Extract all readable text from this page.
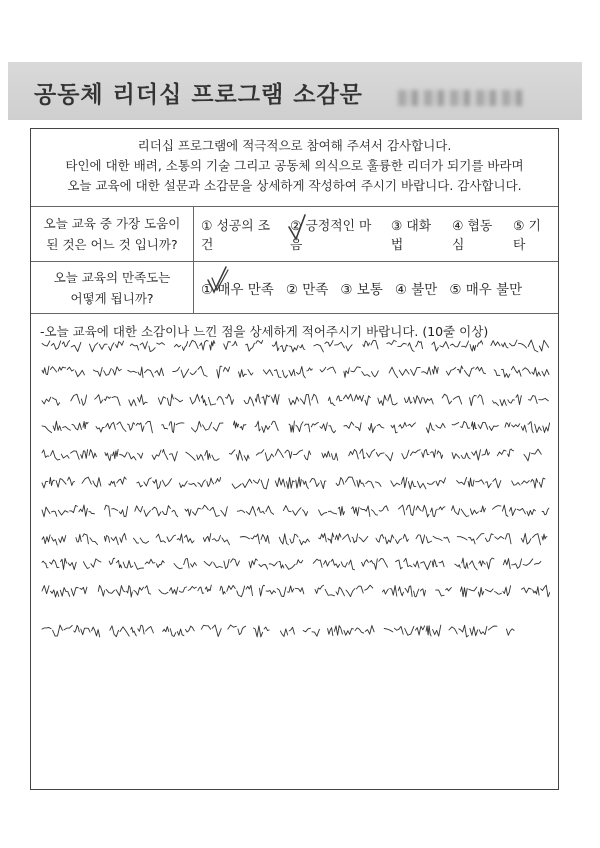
공동체 리더십 프로그램 소감문
리더십 프로그램에 적극적으로 참여해 주셔서 감사합니다.
타인에 대한 배려, 소통의 기술 그리고 공동체 의식으로 훌륭한 리더가 되기를 바라며
오늘 교육에 대한 설문과 소감문을 상세하게 작성하여 주시기 바랍니다. 감사합니다.
오늘 교육 중 가장 도움이
된 것은 어느 것 입니까?
① 성공의 조건
② 긍정적인 마음
③ 대화법
④ 협동심
⑤ 기타
오늘 교육의 만족도는
어떻게 됩니까?
① 매우 만족 ② 만족 ③ 보통 ④ 불만 ⑤ 매우 불만
-오늘 교육에 대한 소감이나 느낀 점을 상세하게 적어주시기 바랍니다. (10줄 이상)
